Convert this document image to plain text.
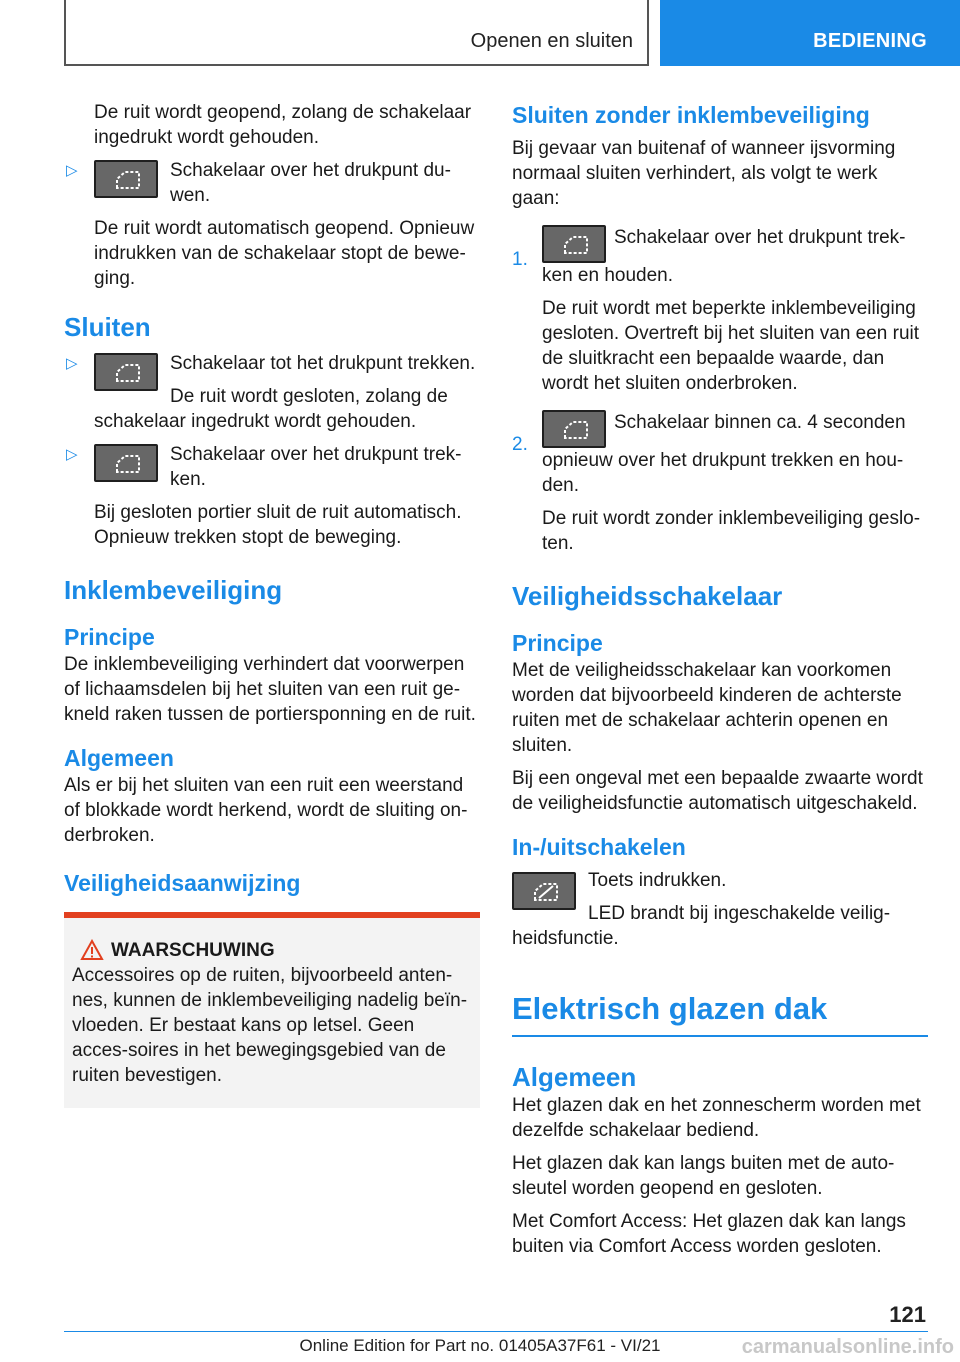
Openen en sluiten	BEDIENING

De ruit wordt geopend, zolang de schakelaar ingedrukt wordt gehouden.

▷	Schakelaar over het drukpunt du-wen.

De ruit wordt automatisch geopend. Opnieuw indrukken van de schakelaar stopt de bewe-ging.

Sluiten
▷	Schakelaar tot het drukpunt trekken.

De ruit wordt gesloten, zolang de schakelaar ingedrukt wordt gehouden.

▷	Schakelaar over het drukpunt trek-ken.

Bij gesloten portier sluit de ruit automatisch. Opnieuw trekken stopt de beweging.

Inklembeveiliging
Principe

De inklembeveiliging verhindert dat voorwerpen of lichaamsdelen bij het sluiten van een ruit ge-kneld raken tussen de portiersponning en de ruit.

Algemeen

Als er bij het sluiten van een ruit een weerstand of blokkade wordt herkend, wordt de sluiting on-derbroken.

Veiligheidsaanwijzing
WAARSCHUWING

Accessoires op de ruiten, bijvoorbeeld anten-nes, kunnen de inklembeveiliging nadelig beïn-vloeden. Er bestaat kans op letsel. Geen acces-soires in het bewegingsgebied van de ruiten bevestigen.

Sluiten zonder inklembeveiliging

Bij gevaar van buitenaf of wanneer ijsvorming normaal sluiten verhindert, als volgt te werk gaan:

1.

Schakelaar over het drukpunt trek-ken en houden.

De ruit wordt met beperkte inklembeveiliging gesloten. Overtreft bij het sluiten van een ruit de sluitkracht een bepaalde waarde, dan wordt het sluiten onderbroken.

2.

Schakelaar binnen ca. 4 seconden opnieuw over het drukpunt trekken en hou-den.

De ruit wordt zonder inklembeveiliging geslo-ten.

Veiligheidsschakelaar
Principe

Met de veiligheidsschakelaar kan voorkomen worden dat bijvoorbeeld kinderen de achterste ruiten met de schakelaar achterin openen en sluiten.

Bij een ongeval met een bepaalde zwaarte wordt de veiligheidsfunctie automatisch uitgeschakeld.

In-/uitschakelen

Toets indrukken.

LED brandt bij ingeschakelde veilig-heidsfunctie.

Elektrisch glazen dak
Algemeen

Het glazen dak en het zonnescherm worden met dezelfde schakelaar bediend.

Het glazen dak kan langs buiten met de auto-sleutel worden geopend en gesloten.

Met Comfort Access: Het glazen dak kan langs buiten via Comfort Access worden gesloten.

121
Online Edition for Part no. 01405A37F61 - VI/21	carmanualsonline.info
